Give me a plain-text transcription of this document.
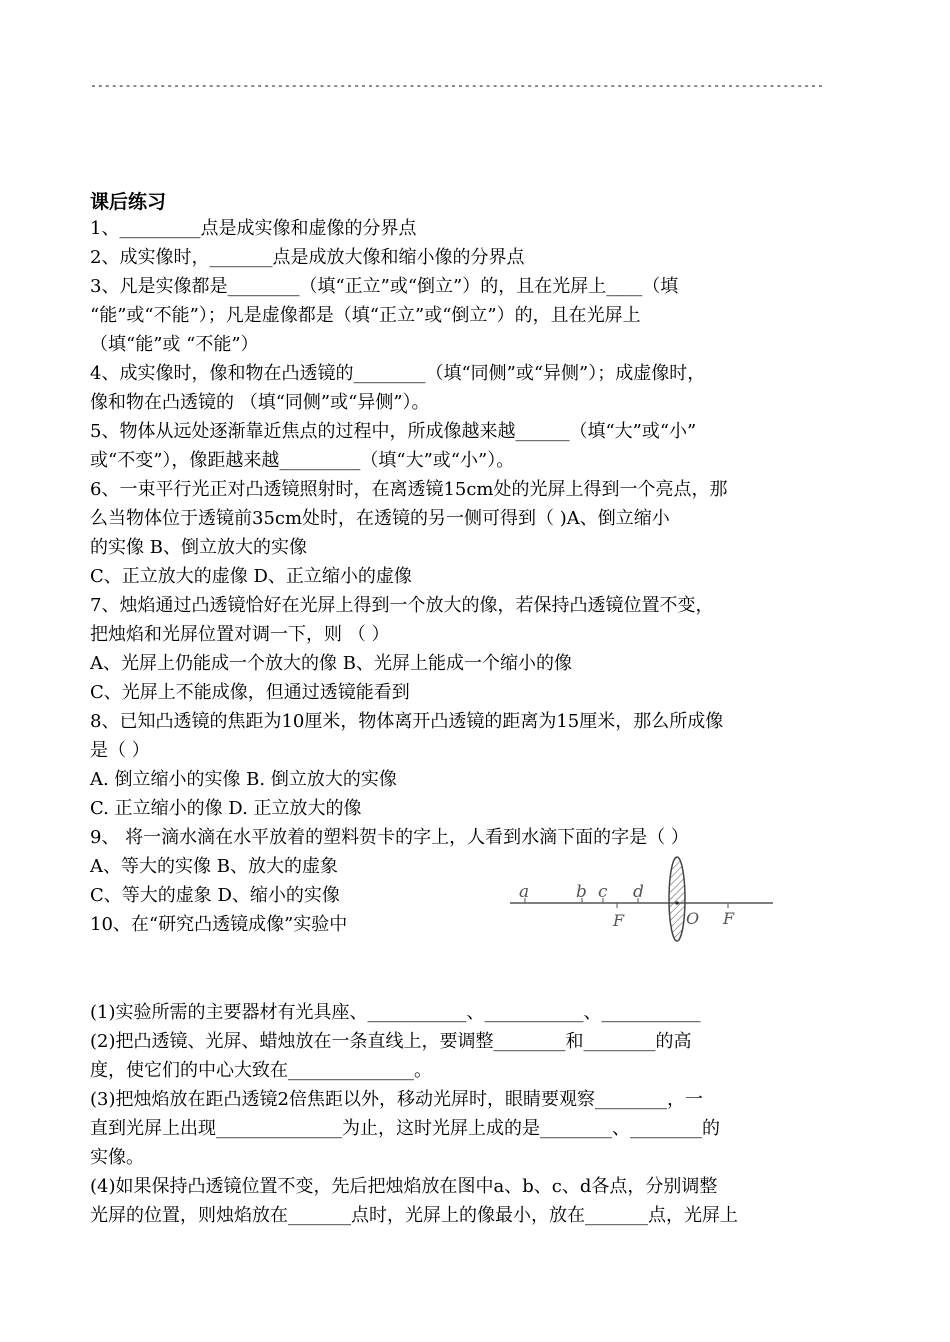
----------------------------------------------------------------------------------------------------------
课后练习
1、_________点是成实像和虚像的分界点
2、成实像时，_______点是成放大像和缩小像的分界点
3、凡是实像都是________（填“正立”或“倒立”）的，且在光屏上____（填
“能”或“不能”）；凡是虚像都是（填“正立”或“倒立”）的，且在光屏上
（填“能”或 “不能”）
4、成实像时，像和物在凸透镜的________（填“同侧”或“异侧”）；成虚像时，
像和物在凸透镜的 （填“同侧”或“异侧”）。
5、物体从远处逐渐靠近焦点的过程中，所成像越来越______（填“大”或“小”
或“不变”），像距越来越_________（填“大”或“小”）。
6、一束平行光正对凸透镜照射时，在离透镜15cm处的光屏上得到一个亮点，那
么当物体位于透镜前35cm处时，在透镜的另一侧可得到（ )A、倒立缩小
的实像 B、倒立放大的实像
C、正立放大的虚像 D、正立缩小的虚像
7、烛焰通过凸透镜恰好在光屏上得到一个放大的像，若保持凸透镜位置不变，
把烛焰和光屏位置对调一下，则 （ ）
A、光屏上仍能成一个放大的像 B、光屏上能成一个缩小的像
C、光屏上不能成像，但通过透镜能看到
8、已知凸透镜的焦距为10厘米，物体离开凸透镜的距离为15厘米，那么所成像
是（ ）
A. 倒立缩小的实像 B. 倒立放大的实像
C. 正立缩小的像 D. 正立放大的像
9、 将一滴水滴在水平放着的塑料贺卡的字上，人看到水滴下面的字是（ ）
A、等大的实像 B、放大的虚象
C、等大的虚象 D、缩小的实像
10、在“研究凸透镜成像”实验中
(1)实验所需的主要器材有光具座、___________、___________、___________
(2)把凸透镜、光屏、蜡烛放在一条直线上，要调整________和________的高
度，使它们的中心大致在______________。
(3)把烛焰放在距凸透镜2倍焦距以外，移动光屏时，眼睛要观察________，一
直到光屏上出现______________为止，这时光屏上成的是________、________的
实像。
(4)如果保持凸透镜位置不变，先后把烛焰放在图中a、b、c、d各点，分别调整
光屏的位置，则烛焰放在_______点时，光屏上的像最小，放在_______点，光屏上
a	b c d
F	O F
